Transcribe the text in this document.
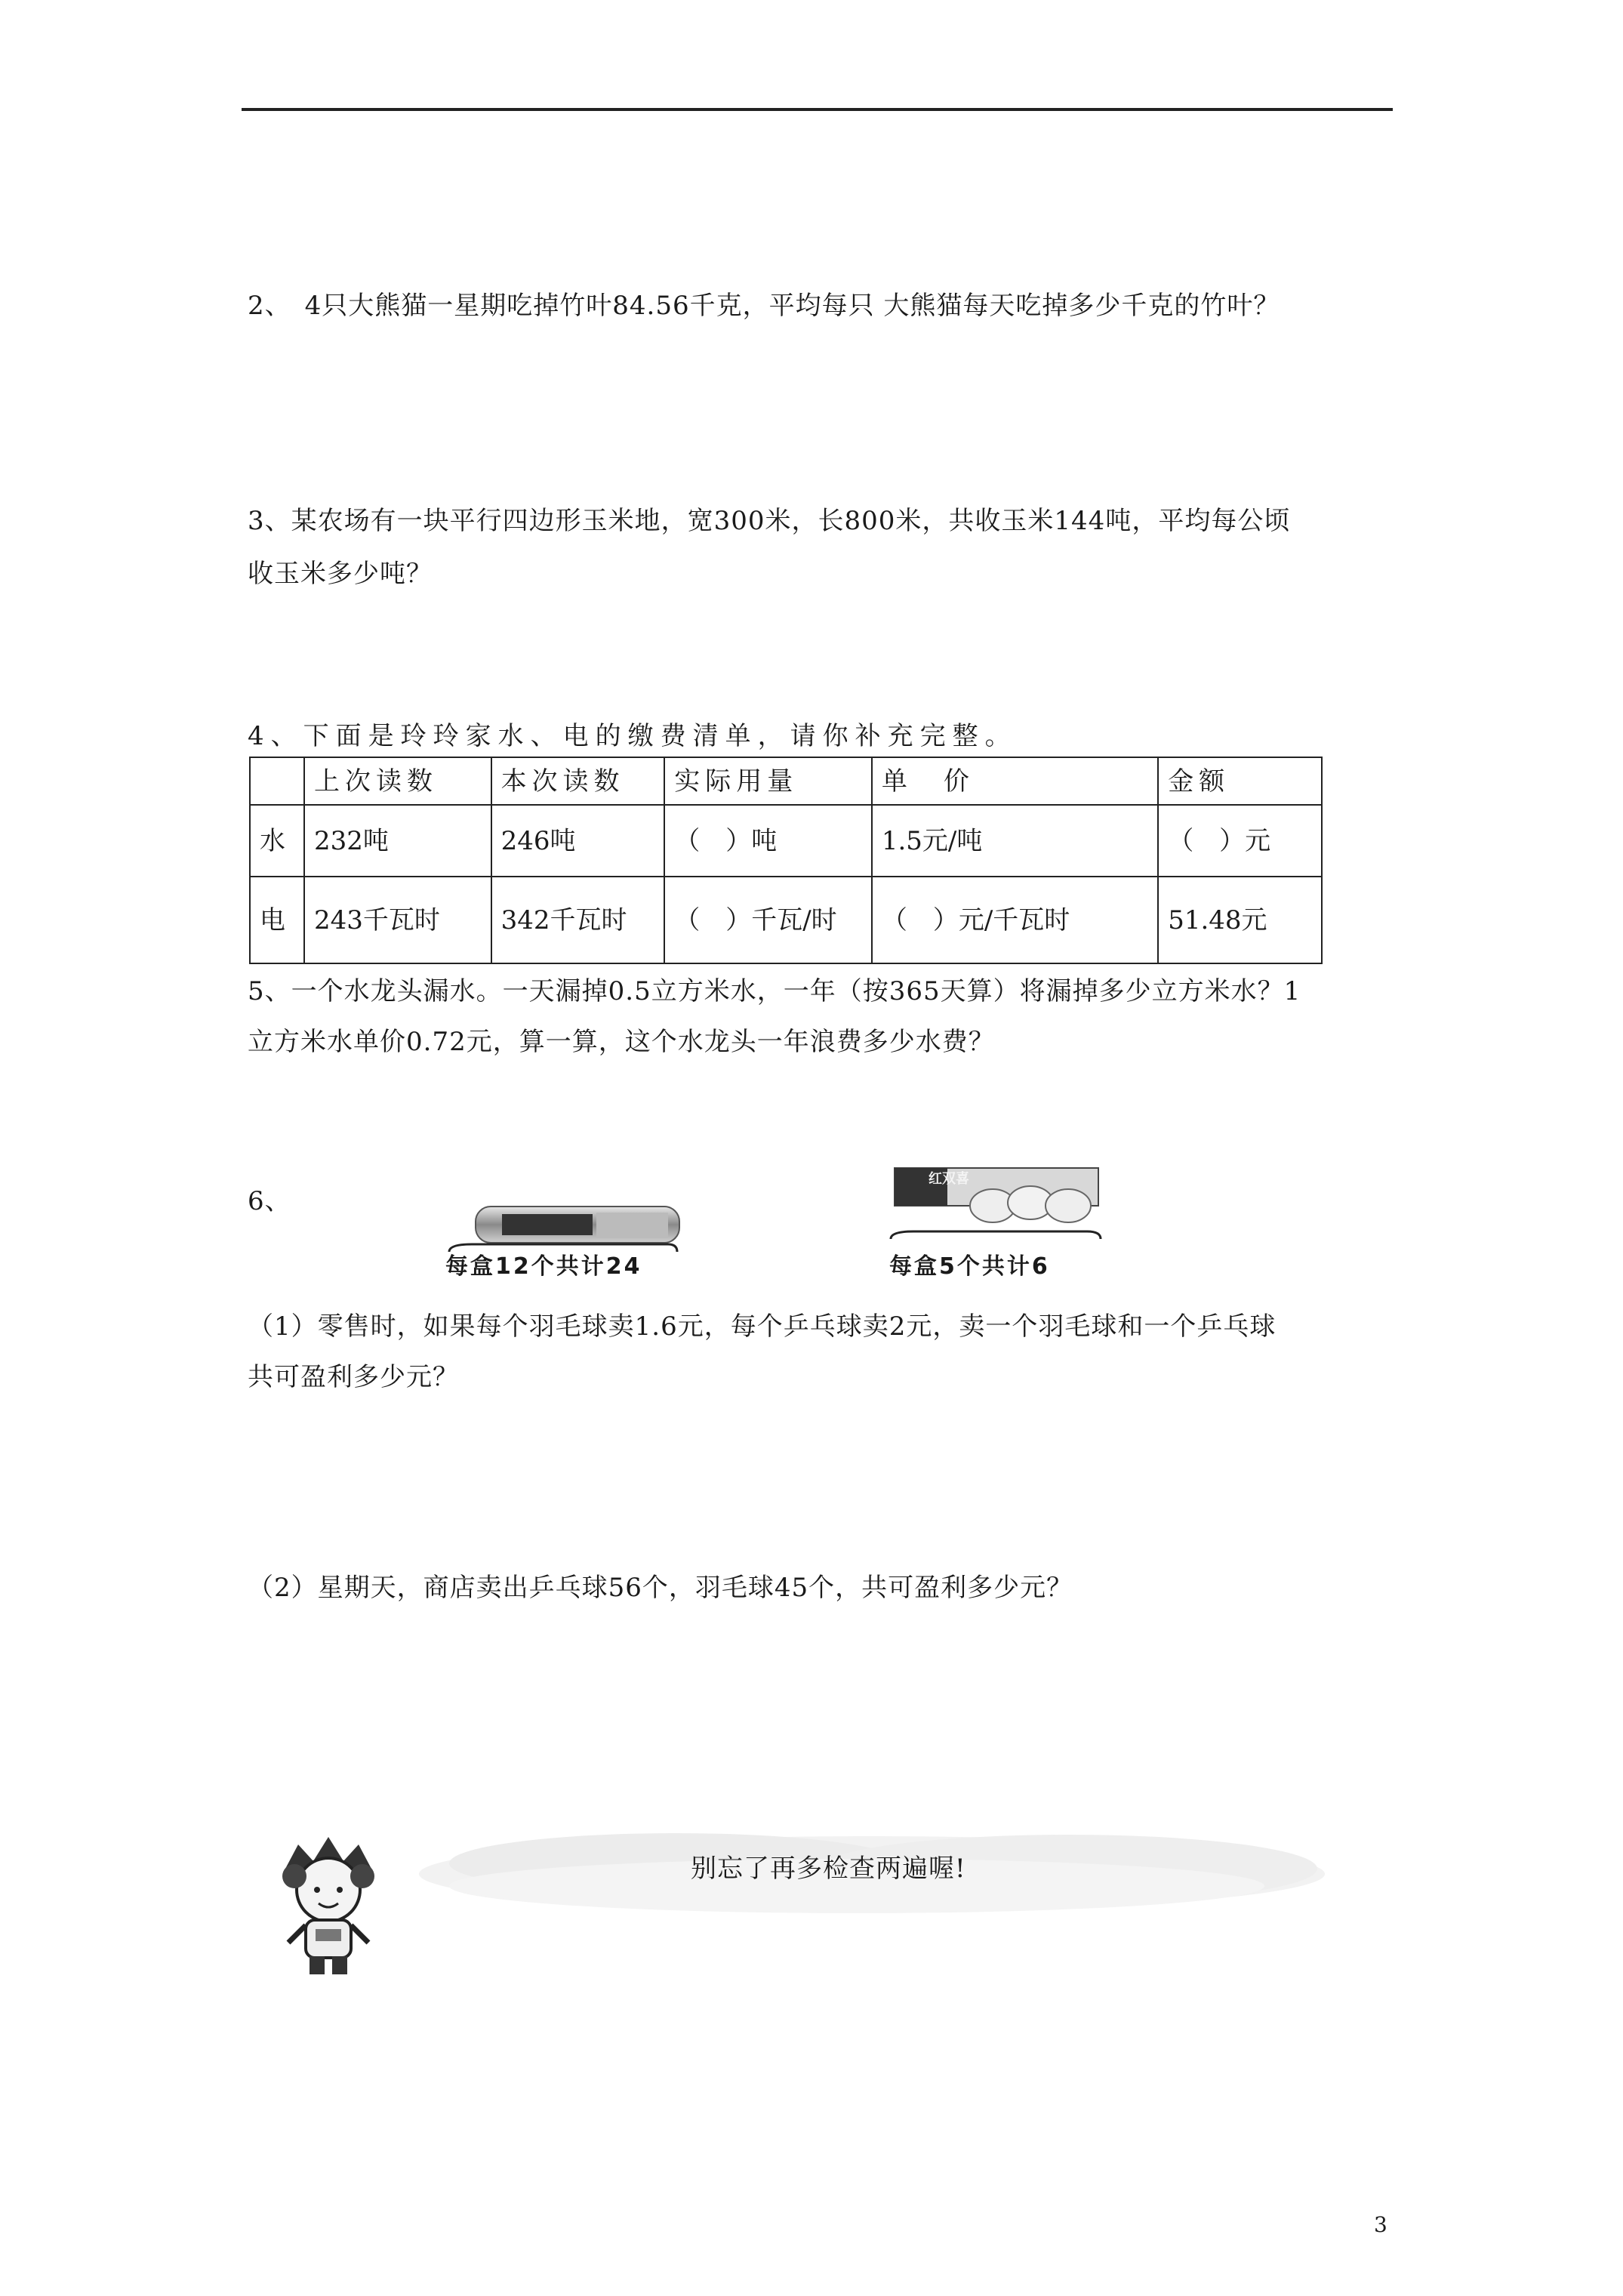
2、　4只大熊猫一星期吃掉竹叶84.56千克，平均每只 大熊猫每天吃掉多少千克的竹叶？
3、某农场有一块平行四边形玉米地，宽300米，长800米，共收玉米144吨，平均每公顷
收玉米多少吨？
4、下面是玲玲家水、电的缴费清单，请你补充完整。
	上次读数	本次读数	实际用量	单　价	金额
水	232吨	246吨	（　）吨	1.5元/吨	（　）元
电	243千瓦时	342千瓦时	（　）千瓦/时	（　）元/千瓦时	51.48元
5、一个水龙头漏水。一天漏掉0.5立方米水，一年（按365天算）将漏掉多少立方米水？1
立方米水单价0.72元，算一算，这个水龙头一年浪费多少水费？
6、
每盒12个共计24
红双喜
每盒5个共计6
（1）零售时，如果每个羽毛球卖1.6元，每个乒乓球卖2元，卖一个羽毛球和一个乒乓球
共可盈利多少元？
（2）星期天，商店卖出乒乓球56个，羽毛球45个，共可盈利多少元？
别忘了再多检查两遍喔!
3
